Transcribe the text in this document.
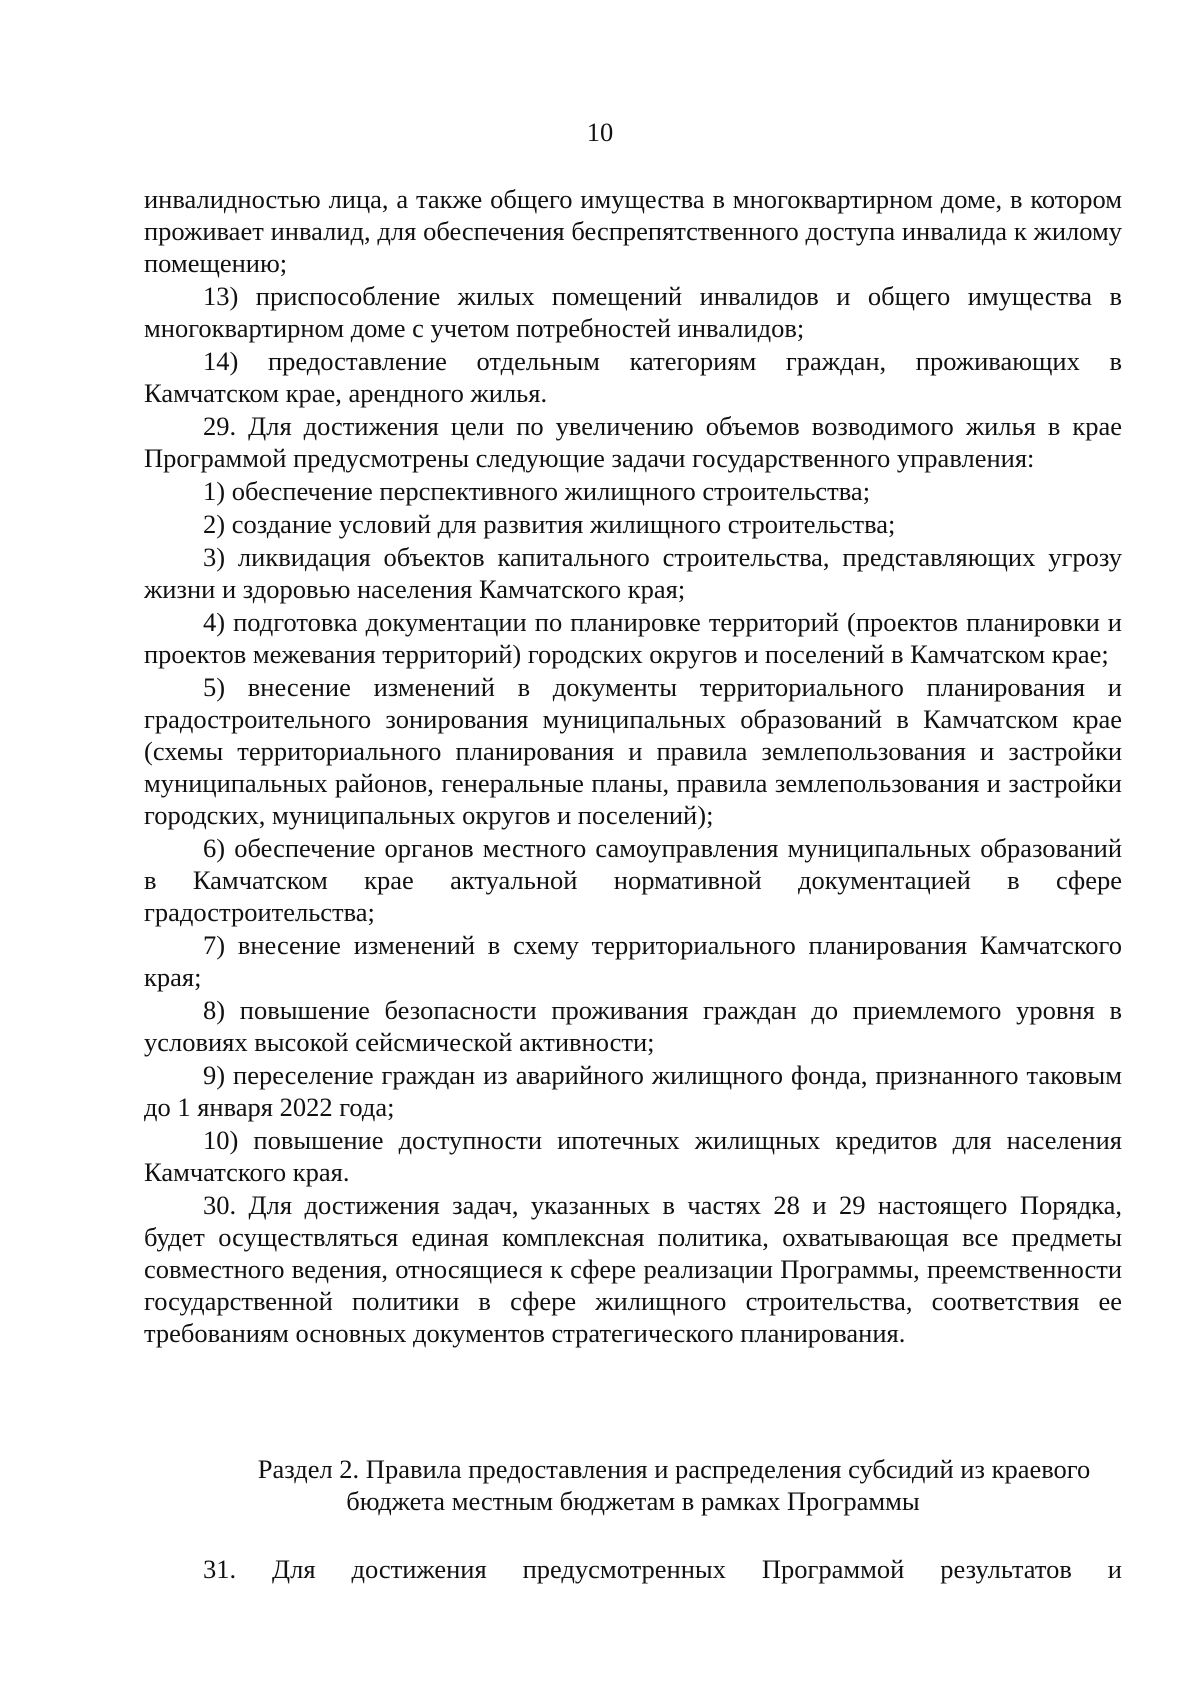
10

инвалидностью лица, а также общего имущества в многоквартирном доме, в котором проживает инвалид, для обеспечения беспрепятственного доступа инвалида к жилому помещению;

13) приспособление жилых помещений инвалидов и общего имущества в многоквартирном доме с учетом потребностей инвалидов;

14) предоставление отдельным категориям граждан, проживающих в Камчатском крае, арендного жилья.

29. Для достижения цели по увеличению объемов возводимого жилья в крае Программой предусмотрены следующие задачи государственного управления:

1) обеспечение перспективного жилищного строительства;

2) создание условий для развития жилищного строительства;

3) ликвидация объектов капитального строительства, представляющих угрозу жизни и здоровью населения Камчатского края;

4) подготовка документации по планировке территорий (проектов планировки и проектов межевания территорий) городских округов и поселений в Камчатском крае;

5) внесение изменений в документы территориального планирования и градостроительного зонирования муниципальных образований в Камчатском крае (схемы территориального планирования и правила землепользования и застройки муниципальных районов, генеральные планы, правила землепользования и застройки городских, муниципальных округов и поселений);

6) обеспечение органов местного самоуправления муниципальных образований в Камчатском крае актуальной нормативной документацией в сфере градостроительства;

7) внесение изменений в схему территориального планирования Камчатского края;

8) повышение безопасности проживания граждан до приемлемого уровня в условиях высокой сейсмической активности;

9) переселение граждан из аварийного жилищного фонда, признанного таковым до 1 января 2022 года;

10) повышение доступности ипотечных жилищных кредитов для населения Камчатского края.

30. Для достижения задач, указанных в частях 28 и 29 настоящего Порядка, будет осуществляться единая комплексная политика, охватывающая все предметы совместного ведения, относящиеся к сфере реализации Программы, преемственности государственной политики в сфере жилищного строительства, соответствия ее требованиям основных документов стратегического планирования.

Раздел 2. Правила предоставления и распределения субсидий из краевого
бюджета местным бюджетам в рамках Программы
31. Для достижения предусмотренных Программой результатов и
